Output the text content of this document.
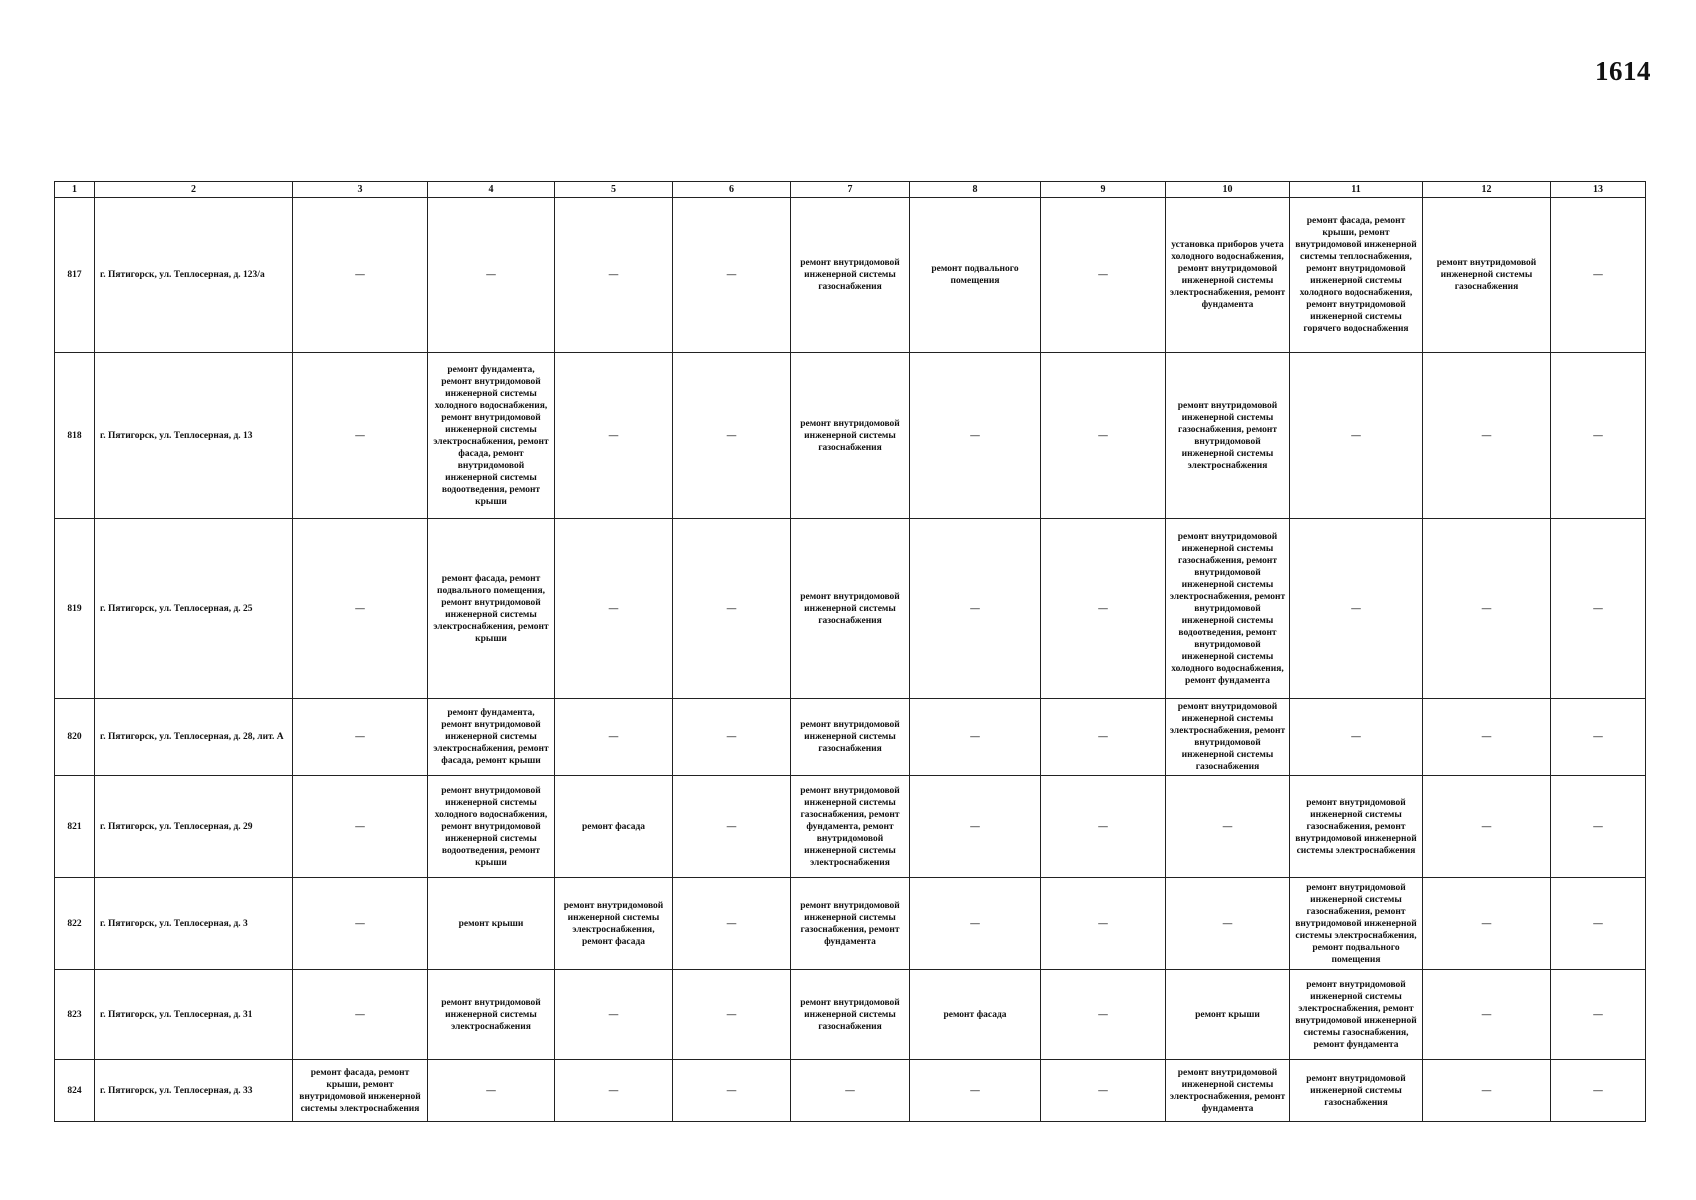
1614
1	2	3	4	5	6	7	8	9	10	11	12	13
817	г. Пятигорск, ул. Теплосерная, д. 123/а	—	—	—	—	ремонт внутридомовой инженерной системы газоснабжения	ремонт подвального помещения	—	установка приборов учета холодного водоснабжения, ремонт внутридомовой инженерной системы электроснабжения, ремонт фундамента	ремонт фасада, ремонт крыши, ремонт внутридомовой инженерной системы теплоснабжения, ремонт внутридомовой инженерной системы холодного водоснабжения, ремонт внутридомовой инженерной системы горячего водоснабжения	ремонт внутридомовой инженерной системы газоснабжения	—
818	г. Пятигорск, ул. Теплосерная, д. 13	—	ремонт фундамента, ремонт внутридомовой инженерной системы холодного водоснабжения, ремонт внутридомовой инженерной системы электроснабжения, ремонт фасада, ремонт внутридомовой инженерной системы водоотведения, ремонт крыши	—	—	ремонт внутридомовой инженерной системы газоснабжения	—	—	ремонт внутридомовой инженерной системы газоснабжения, ремонт внутридомовой инженерной системы электроснабжения	—	—	—
819	г. Пятигорск, ул. Теплосерная, д. 25	—	ремонт фасада, ремонт подвального помещения, ремонт внутридомовой инженерной системы электроснабжения, ремонт крыши	—	—	ремонт внутридомовой инженерной системы газоснабжения	—	—	ремонт внутридомовой инженерной системы газоснабжения, ремонт внутридомовой инженерной системы электроснабжения, ремонт внутридомовой инженерной системы водоотведения, ремонт внутридомовой инженерной системы холодного водоснабжения, ремонт фундамента	—	—	—
820	г. Пятигорск, ул. Теплосерная, д. 28, лит. А	—	ремонт фундамента, ремонт внутридомовой инженерной системы электроснабжения, ремонт фасада, ремонт крыши	—	—	ремонт внутридомовой инженерной системы газоснабжения	—	—	ремонт внутридомовой инженерной системы электроснабжения, ремонт внутридомовой инженерной системы газоснабжения	—	—	—
821	г. Пятигорск, ул. Теплосерная, д. 29	—	ремонт внутридомовой инженерной системы холодного водоснабжения, ремонт внутридомовой инженерной системы водоотведения, ремонт крыши	ремонт фасада	—	ремонт внутридомовой инженерной системы газоснабжения, ремонт фундамента, ремонт внутридомовой инженерной системы электроснабжения	—	—	—	ремонт внутридомовой инженерной системы газоснабжения, ремонт внутридомовой инженерной системы электроснабжения	—	—
822	г. Пятигорск, ул. Теплосерная, д. 3	—	ремонт крыши	ремонт внутридомовой инженерной системы электроснабжения, ремонт фасада	—	ремонт внутридомовой инженерной системы газоснабжения, ремонт фундамента	—	—	—	ремонт внутридомовой инженерной системы газоснабжения, ремонт внутридомовой инженерной системы электроснабжения, ремонт подвального помещения	—	—
823	г. Пятигорск, ул. Теплосерная, д. 31	—	ремонт внутридомовой инженерной системы электроснабжения	—	—	ремонт внутридомовой инженерной системы газоснабжения	ремонт фасада	—	ремонт крыши	ремонт внутридомовой инженерной системы электроснабжения, ремонт внутридомовой инженерной системы газоснабжения, ремонт фундамента	—	—
824	г. Пятигорск, ул. Теплосерная, д. 33	ремонт фасада, ремонт крыши, ремонт внутридомовой инженерной системы электроснабжения	—	—	—	—	—	—	ремонт внутридомовой инженерной системы электроснабжения, ремонт фундамента	ремонт внутридомовой инженерной системы газоснабжения	—	—
